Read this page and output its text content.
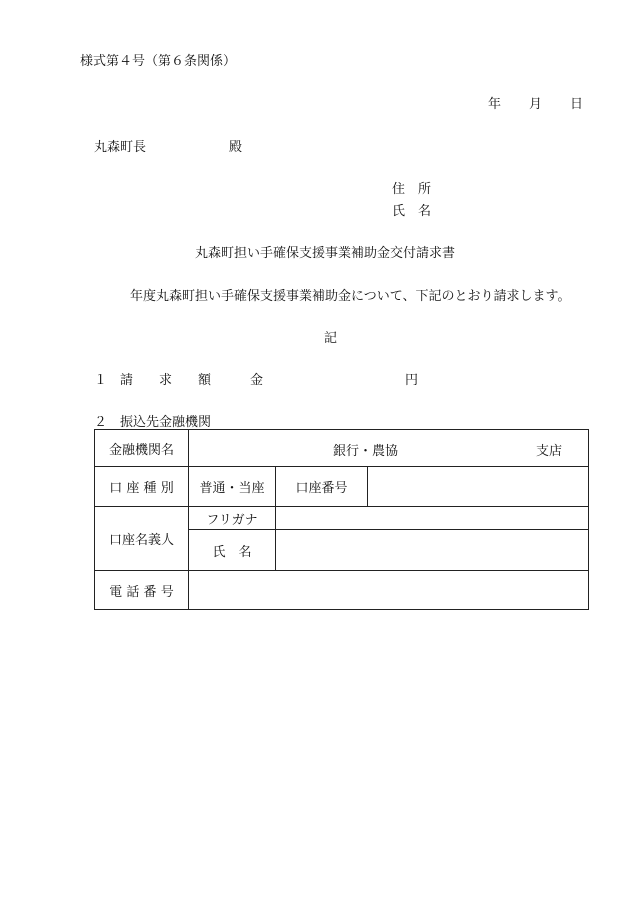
様式第４号（第６条関係）
年 月 日
丸森町長	殿
住　所
氏　名
丸森町担い手確保支援事業補助金交付請求書
年度丸森町担い手確保支援事業補助金について、下記のとおり請求します。
記
１ 請　　求　　額　　　金	円
２ 振込先金融機関
金融機関名	銀行・農協 支店		

口 座 種 別	普通・当座	口座番号	
口座名義人	フリガナ		
	氏　名		
電 話 番 号			
